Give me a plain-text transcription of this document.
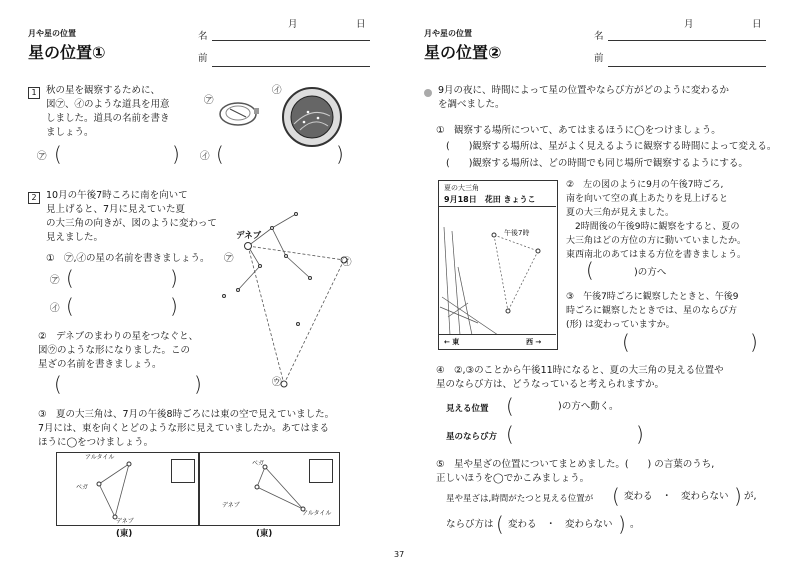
月や星の位置
星の位置①
名
前
月	日
1 秋の星を観察するために、
図㋐、㋑のような道具を用意
しました。道具の名前を書き
ましょう。
㋐
㋑
㋐ (	) ㋑ (	)
2 10月の午後7時ころに南を向いて
見上げると、7月に見えていた夏
の大三角の向きが、図のように変わって
見えました。
①　㋐,㋑の星の名前を書きましょう。
㋐ (	)
㋑ (	)
②　デネブのまわりの星をつなぐと、
図㋒のような形になりました。この
星ざの名前を書きましょう。
(	)
デネブ
㋐	㋑
㋒
③　夏の大三角は、7月の午後8時ごろには東の空で見えていました。
7月には、東を向くとどのような形に見えていましたか。あてはまる
ほうに◯をつけましょう。
アルタイル
ベガ
デネブ
(東)
ベガ
デネブ
アルタイル
(東)
月や星の位置
星の位置②
名
前
月	日
9月の夜に、時間によって星の位置やならび方がどのように変わるか
を調べました。
①　観察する場所について、あてはまるほうに◯をつけましょう。
(　　)観察する場所は、星がよく見えるように観察する時間によって変える。
(　　)観察する場所は、どの時間でも同じ場所で観察するようにする。
夏の大三角
9月18日　花田 きょうこ
午後7時
← 東	西 →
②　左の図のように9月の午後7時ごろ,
南を向いて空の真上あたりを見上げると
夏の大三角が見えました。
　2時間後の午後9時に観察をすると、夏の
大三角はどの方位の方に動いていましたか。
東西南北のあてはまる方位を書きましょう。
(	)の方へ
③　午後7時ごろに観察したときと、午後9
時ごろに観察したときでは、星のならび方
(形) は変わっていますか。
(	)
④　②,③のことから午後11時になると、夏の大三角の見える位置や
星のならび方は、どうなっていると考えられますか。
見える位置 (	)の方へ動く。
星のならび方 (	)
⑤　星や星ざの位置についてまとめました。(　　) の言葉のうち,
正しいほうを◯でかこみましょう。
星や星ざは,時間がたつと見える位置が ( 変わる　・　変わらない ) が,
ならび方は ( 変わる　・　変わらない ) 。
37
